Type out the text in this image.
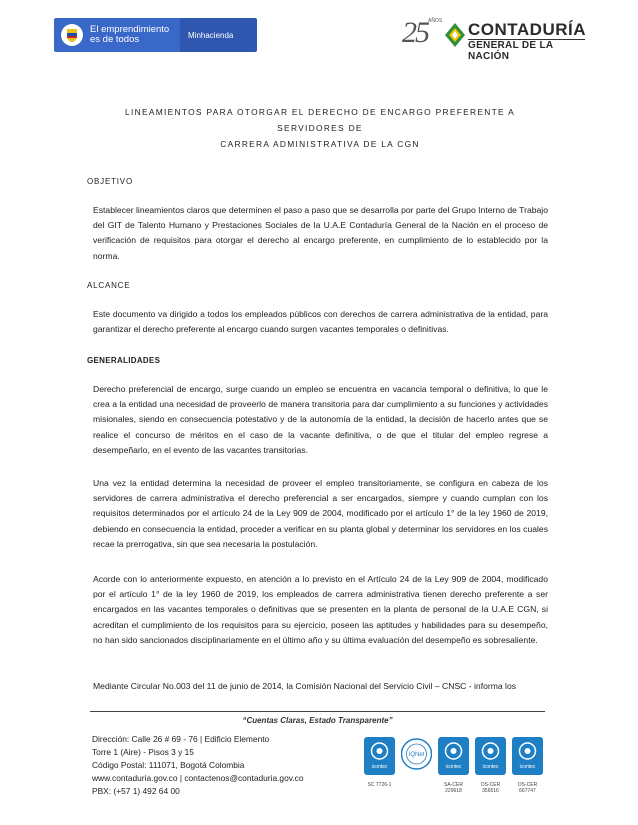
El emprendimiento es de todos	Minhacienda	25 AÑOS CONTADURÍA
GENERAL DE LA NACIÓN
LINEAMIENTOS PARA OTORGAR EL DERECHO DE ENCARGO PREFERENTE A SERVIDORES DE
CARRERA ADMINISTRATIVA DE LA CGN
OBJETIVO
Establecer lineamientos claros que determinen el paso a paso que se desarrolla por parte del Grupo Interno de Trabajo del GIT de Talento Humano y Prestaciones Sociales de la U.A.E Contaduría General de la Nación en el proceso de verificación de requisitos para otorgar el derecho al encargo preferente, en cumplimiento de lo establecido por la norma.
ALCANCE
Este documento va dirigido a todos los empleados públicos con derechos de carrera administrativa de la entidad, para garantizar el derecho preferente al encargo cuando surgen vacantes temporales o definitivas.
GENERALIDADES
Derecho preferencial de encargo, surge cuando un empleo se encuentra en vacancia temporal o definitiva, lo que le crea a la entidad una necesidad de proveerlo de manera transitoria para dar cumplimiento a su funciones y actividades misionales, siendo en consecuencia potestativo y de la autonomía de la entidad, la decisión de hacerlo antes que se realice el concurso de méritos en el caso de la vacante definitiva, o de que el titular del empleo regrese a desempeñarlo, en el evento de las vacantes transitorias.
Una vez la entidad determina la necesidad de proveer el empleo transitoriamente, se configura en cabeza de los servidores de carrera administrativa el derecho preferencial a ser encargados, siempre y cuando cumplan con los requisitos determinados por el artículo 24 de la Ley 909 de 2004, modificado por el artículo 1° de la ley 1960 de 2019, debiendo en consecuencia la entidad, proceder a verificar en su planta global y determinar los servidores en los cuales recae la prerrogativa, sin que sea necesaria la postulación.
Acorde con lo anteriormente expuesto, en atención a lo previsto en el Artículo 24 de la Ley 909 de 2004, modificado por el artículo 1° de la ley 1960 de 2019, los empleados de carrera administrativa tienen derecho preferente a ser encargados en las vacantes temporales o definitivas que se presenten en la planta de personal de la U.A.E CGN, si acreditan el cumplimiento de los requisitos para su ejercicio, poseen las aptitudes y habilidades para su desempeño, no han sido sancionados disciplinariamente en el último año y su última evaluación del desempeño es sobresaliente.
Mediante Circular No.003 del 11 de junio de 2014, la Comisión Nacional del Servicio Civil – CNSC - informa los
“Cuentas Claras, Estado Transparente”
Dirección: Calle 26 # 69 - 76 | Edificio Elemento
Torre 1 (Aire) - Pisos 3 y 15
Código Postal: 111071, Bogotá Colombia
www.contaduria.gov.co | contactenos@contaduria.gov.co
PBX: (+57 1) 492 64 00
icontec
SC 7726-1
IQNet
icontec
SA-CER 229618
icontec
OS-CER 356516
icontec
OS-CER 667747
